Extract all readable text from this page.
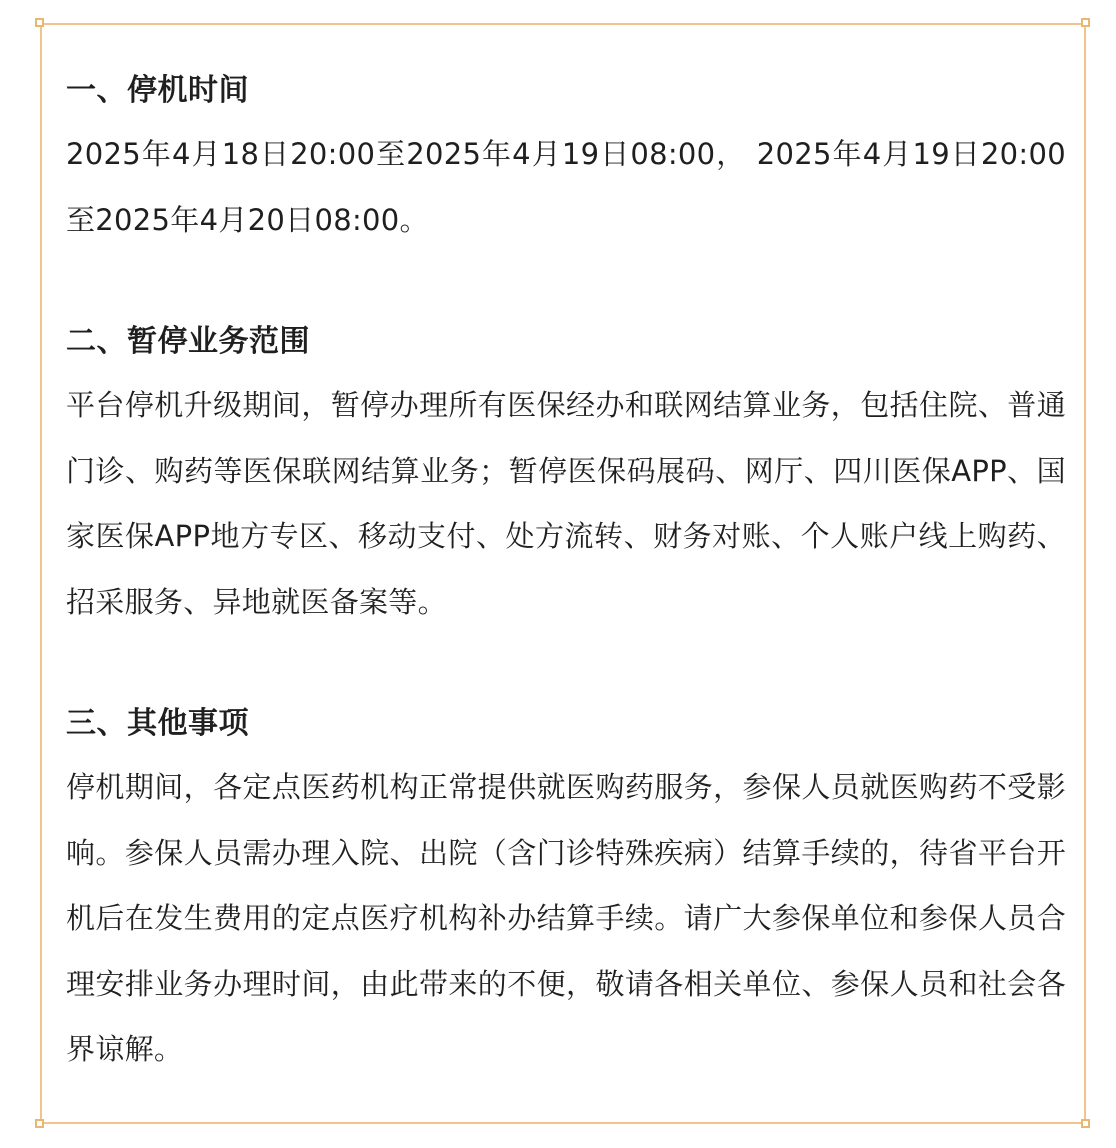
一、停机时间

2025年4月18日20:00至2025年4月19日08:00， 2025年4月19日20:00至2025年4月20日08:00。

二、暂停业务范围

平台停机升级期间，暂停办理所有医保经办和联网结算业务，包括住院、普通门诊、购药等医保联网结算业务；暂停医保码展码、网厅、四川医保APP、国家医保APP地方专区、移动支付、处方流转、财务对账、个人账户线上购药、招采服务、异地就医备案等。

三、其他事项

停机期间，各定点医药机构正常提供就医购药服务，参保人员就医购药不受影响。参保人员需办理入院、出院（含门诊特殊疾病）结算手续的，待省平台开机后在发生费用的定点医疗机构补办结算手续。请广大参保单位和参保人员合理安排业务办理时间，由此带来的不便，敬请各相关单位、参保人员和社会各界谅解。
